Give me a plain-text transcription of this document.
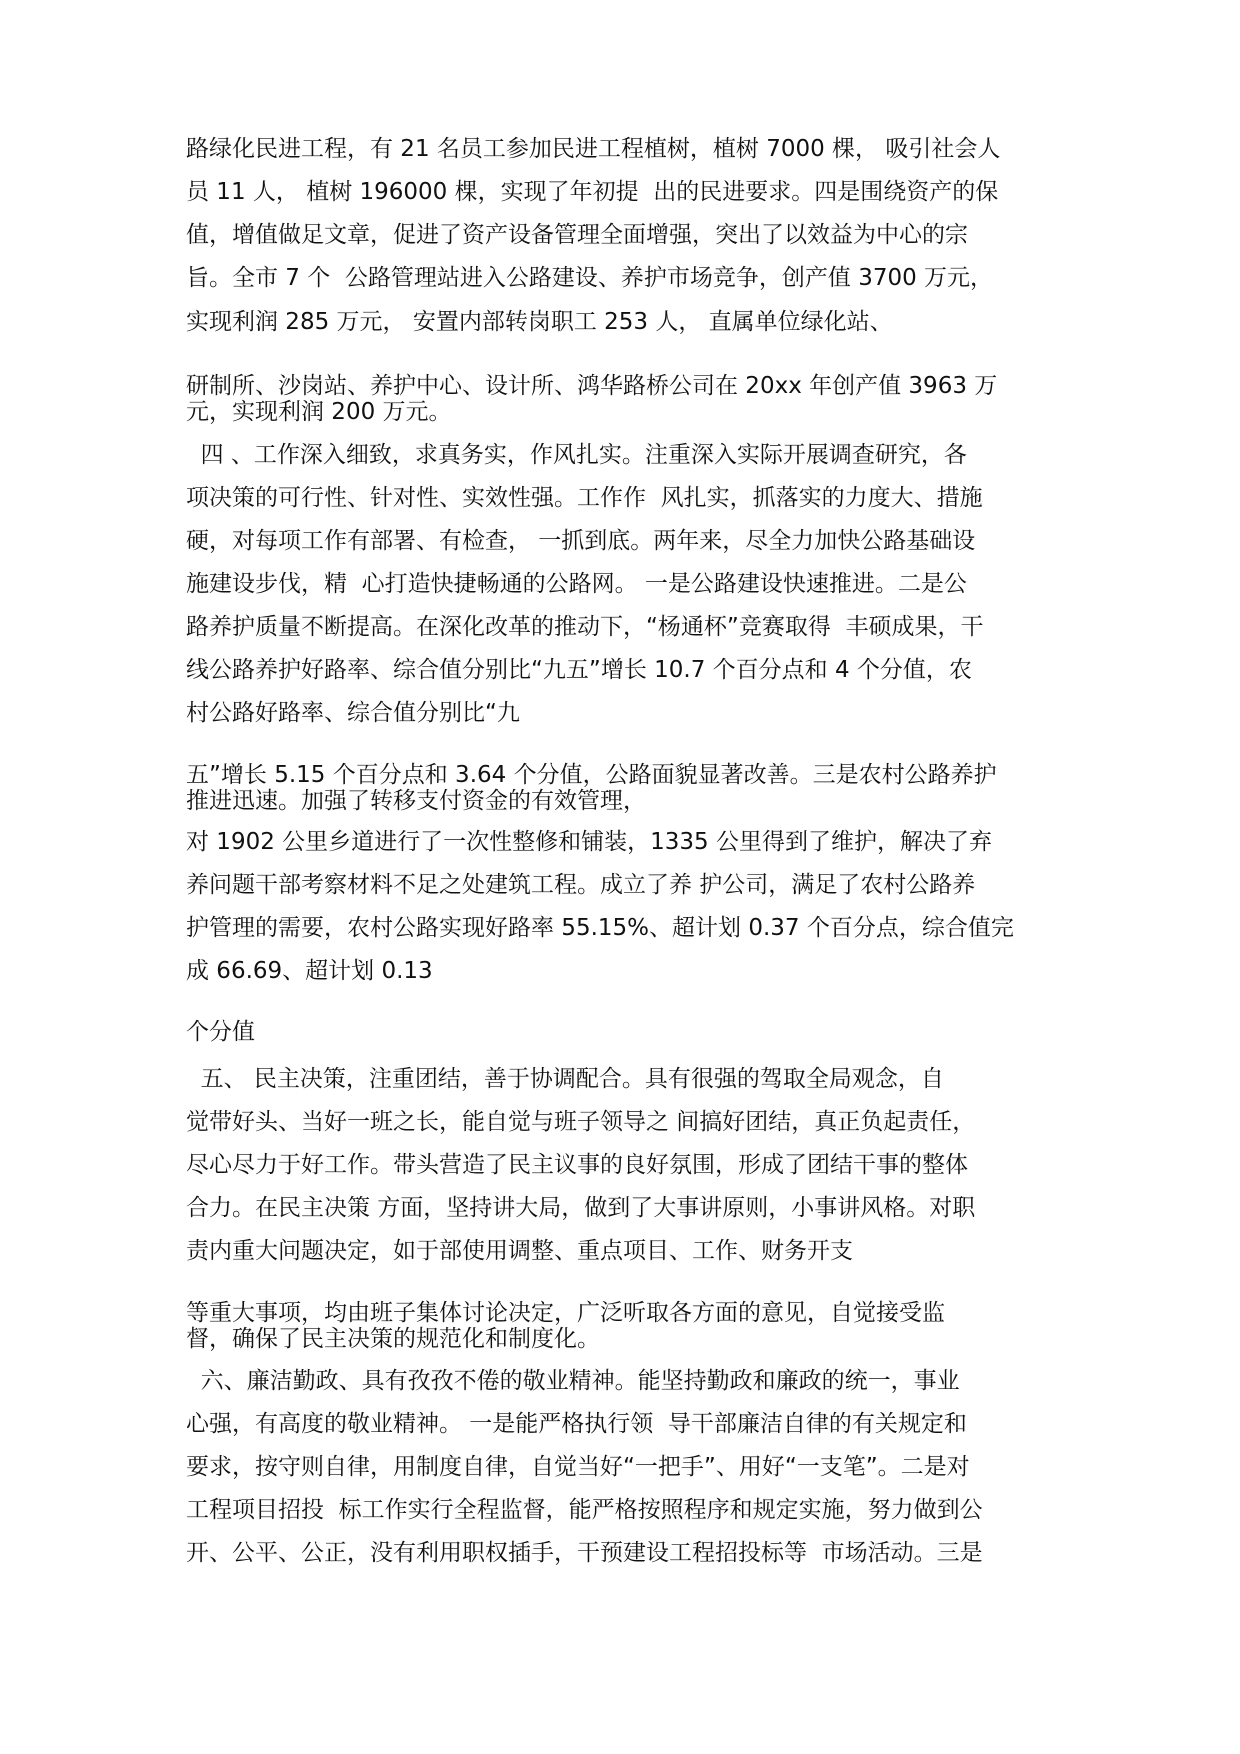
路绿化民进工程，有 21 名员工参加民进工程植树，植树 7000 棵， 吸引社会人
员 11 人， 植树 196000 棵，实现了年初提  出的民进要求。四是围绕资产的保
值，增值做足文章，促进了资产设备管理全面增强，突出了以效益为中心的宗
旨。全市 7 个  公路管理站进入公路建设、养护市场竞争，创产值 3700 万元，
实现利润 285 万元， 安置内部转岗职工 253 人， 直属单位绿化站、
研制所、沙岗站、养护中心、设计所、鸿华路桥公司在 20xx 年创产值 3963 万
元，实现利润 200 万元。
四 、工作深入细致，求真务实，作风扎实。注重深入实际开展调查研究，各
项决策的可行性、针对性、实效性强。工作作  风扎实，抓落实的力度大、措施
硬，对每项工作有部署、有检查， 一抓到底。两年来，尽全力加快公路基础设
施建设步伐，精  心打造快捷畅通的公路网。 一是公路建设快速推进。二是公
路养护质量不断提高。在深化改革的推动下，“杨通杯”竞赛取得  丰硕成果，干
线公路养护好路率、综合值分别比“九五”增长 10.7 个百分点和 4 个分值，农
村公路好路率、综合值分别比“九
五”增长 5.15 个百分点和 3.64 个分值，公路面貌显著改善。三是农村公路养护
推进迅速。加强了转移支付资金的有效管理，
对 1902 公里乡道进行了一次性整修和铺装，1335 公里得到了维护，解决了弃
养问题干部考察材料不足之处建筑工程。成立了养 护公司，满足了农村公路养
护管理的需要，农村公路实现好路率 55.15%、超计划 0.37 个百分点，综合值完
成 66.69、超计划 0.13
个分值
五、 民主决策，注重团结，善于协调配合。具有很强的驾取全局观念，自
觉带好头、当好一班之长，能自觉与班子领导之 间搞好团结，真正负起责任，
尽心尽力于好工作。带头营造了民主议事的良好氛围，形成了团结干事的整体
合力。在民主决策 方面，坚持讲大局，做到了大事讲原则，小事讲风格。对职
责内重大问题决定，如于部使用调整、重点项目、工作、财务开支
等重大事项，均由班子集体讨论决定，广泛听取各方面的意见，自觉接受监
督，确保了民主决策的规范化和制度化。
六、廉洁勤政、具有孜孜不倦的敬业精神。能坚持勤政和廉政的统一，事业
心强，有高度的敬业精神。 一是能严格执行领  导干部廉洁自律的有关规定和
要求，按守则自律，用制度自律，自觉当好“一把手”、用好“一支笔”。二是对
工程项目招投  标工作实行全程监督，能严格按照程序和规定实施，努力做到公
开、公平、公正，没有利用职权插手，干预建设工程招投标等  市场活动。三是
